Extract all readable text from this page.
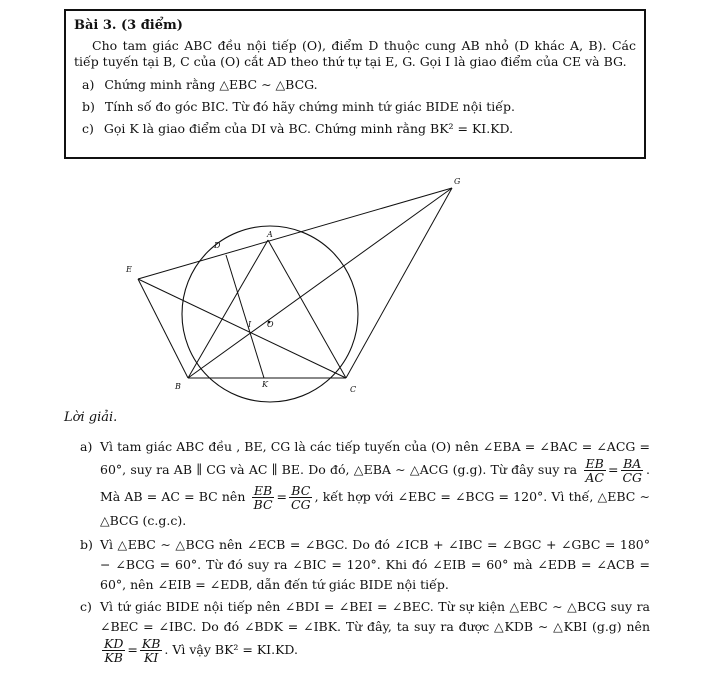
Bài 3. (3 điểm)

Cho tam giác ABC đều nội tiếp (O), điểm D thuộc cung AB nhỏ (D khác A, B). Các tiếp tuyến tại B, C của (O) cắt AD theo thứ tự tại E, G. Gọi I là giao điểm của CE và BG.

a) Chứng minh rằng △EBC ∼ △BCG.
b) Tính số đo góc BIC. Từ đó hãy chứng minh tứ giác BIDE nội tiếp.
c) Gọi K là giao điểm của DI và BC. Chứng minh rằng BK² = KI.KD.
G
A
D
E
I O
B	K
C
Lời giải.
a) Vì tam giác ABC đều , BE, CG là các tiếp tuyến của (O) nên ∠EBA = ∠BAC = ∠ACG = 60°, suy ra AB ∥ CG và AC ∥ BE. Do đó, △EBA ∼ △ACG (g.g). Từ đây suy ra $\frac{EB}{AC} = \frac{BA}{CG}$ . Mà AB = AC = BC nên $\frac{EB}{BC} = \frac{BC}{CG}$ , kết hợp với ∠EBC = ∠BCG = 120°. Vì thế, △EBC ∼ △BCG (c.g.c).
b) Vì △EBC ∼ △BCG nên ∠ECB = ∠BGC. Do đó ∠ICB + ∠IBC = ∠BGC + ∠GBC = 180° − ∠BCG = 60°. Từ đó suy ra ∠BIC = 120°. Khi đó ∠EIB = 60° mà ∠EDB = ∠ACB = 60°, nên ∠EIB = ∠EDB, dẫn đến tứ giác BIDE nội tiếp.
c) Vì tứ giác BIDE nội tiếp nên ∠BDI = ∠BEI = ∠BEC. Từ sự kiện △EBC ∼ △BCG suy ra ∠BEC = ∠IBC. Do đó ∠BDK = ∠IBK. Từ đây, ta suy ra được △KDB ∼ △KBI (g.g) nên
$\frac{KD}{KB} = \frac{KB}{KI}$ . Vì vậy BK² = KI.KD.
